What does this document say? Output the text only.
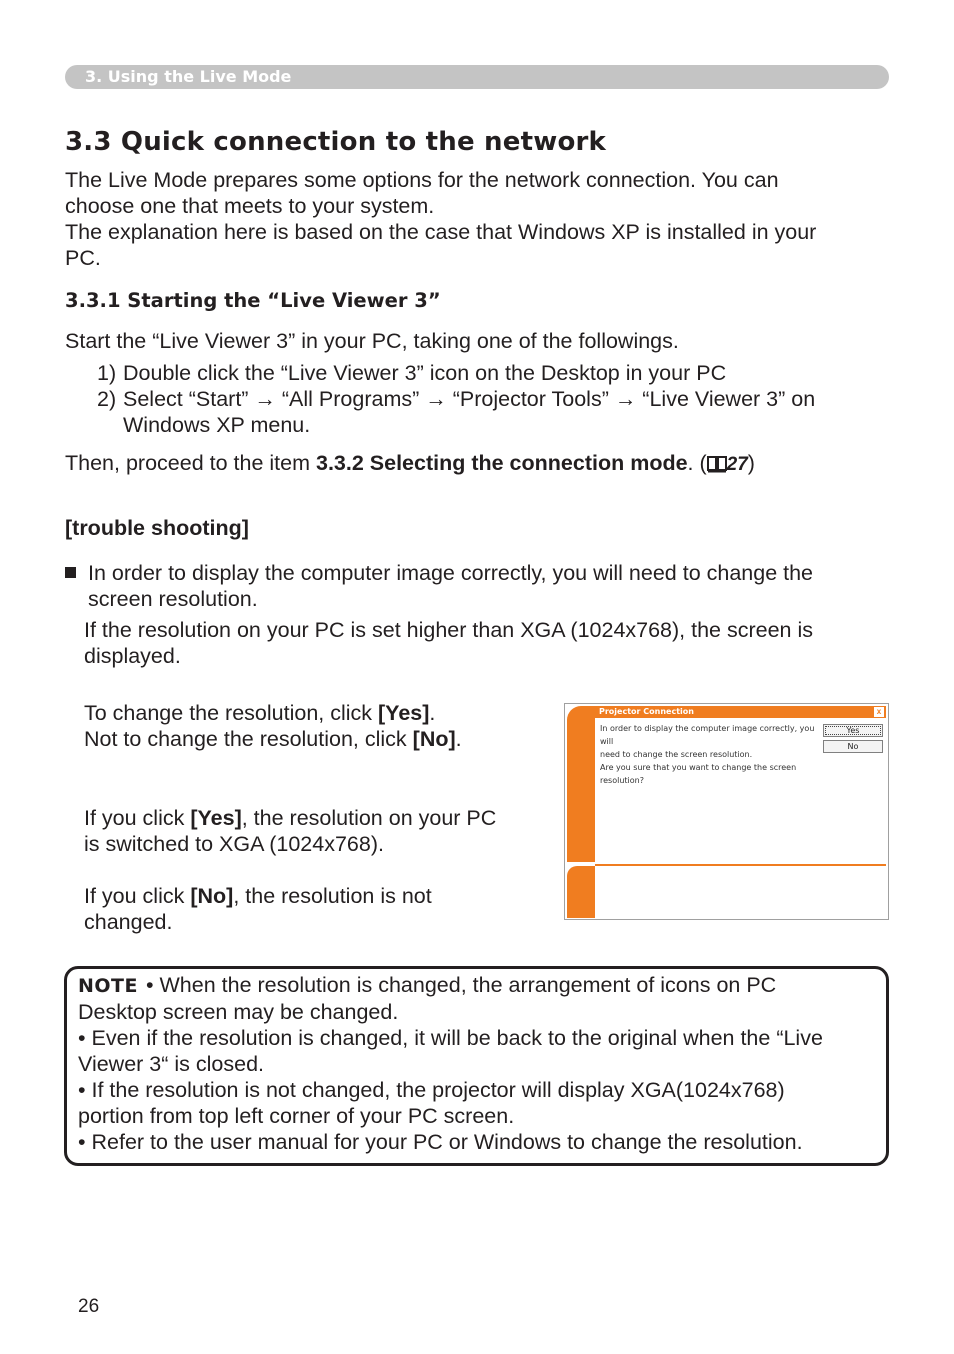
3. Using the Live Mode
3.3 Quick connection to the network
The Live Mode prepares some options for the network connection. You can
choose one that meets to your system.
The explanation here is based on the case that Windows XP is installed in your
PC.
3.3.1 Starting the “Live Viewer 3”
Start the “Live Viewer 3” in your PC, taking one of the followings.
1) Double click the “Live Viewer 3” icon on the Desktop in your PC
2) Select “Start” → “All Programs” → “Projector Tools” → “Live Viewer 3” on
Windows XP menu.
Then, proceed to the item 3.3.2 Selecting the connection mode. ( 27)
[trouble shooting]
In order to display the computer image correctly, you will need to change the
screen resolution.
If the resolution on your PC is set higher than XGA (1024x768), the screen is
displayed.
To change the resolution, click [Yes].
Not to change the resolution, click [No].
If you click [Yes], the resolution on your PC
is switched to XGA (1024x768).
If you click [No], the resolution is not
changed.
Projector Connection	x
In order to display the computer image correctly, you will
need to change the screen resolution.
Are you sure that you want to change the screen resolution?
Yes
No
NOTE • When the resolution is changed, the arrangement of icons on PC
Desktop screen may be changed.
• Even if the resolution is changed, it will be back to the original when the “Live
Viewer 3“ is closed.
• If the resolution is not changed, the projector will display XGA(1024x768)
portion from top left corner of your PC screen.
• Refer to the user manual for your PC or Windows to change the resolution.
26
